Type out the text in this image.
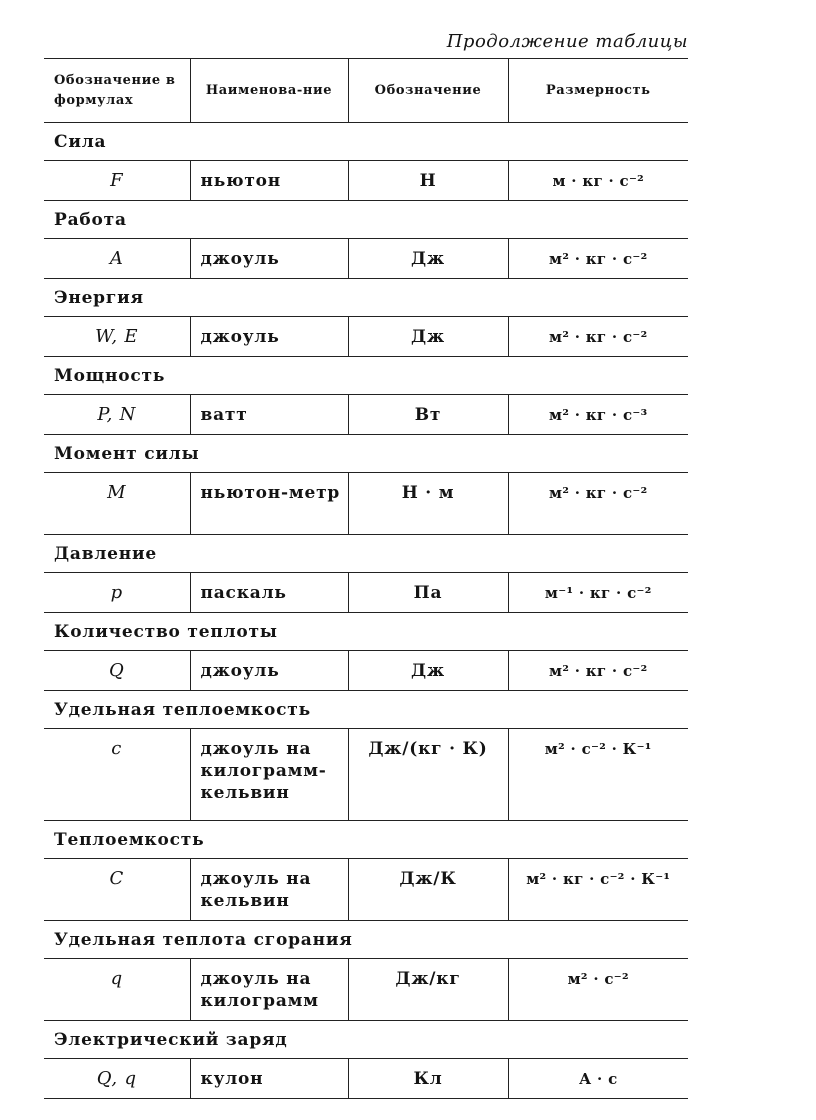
Продолжение таблицы
Обозначение в формулах	Наименова-ние	Обозначение	Размерность
Сила			
F	ньютон	Н	м · кг · с⁻²
Работа			
A	джоуль	Дж	м² · кг · с⁻²
Энергия			
W, E	джоуль	Дж	м² · кг · с⁻²
Мощность			
P, N	ватт	Вт	м² · кг · с⁻³
Момент силы			
M	ньютон-метр	Н · м	м² · кг · с⁻²
Давление			
p	паскаль	Па	м⁻¹ · кг · с⁻²
Количество теплоты			
Q	джоуль	Дж	м² · кг · с⁻²
Удельная теплоемкость			
c	джоуль на килограмм-кельвин	Дж/(кг · К)	м² · с⁻² · К⁻¹
Теплоемкость			
C	джоуль на кельвин	Дж/К	м² · кг · с⁻² · К⁻¹
Удельная теплота сгорания			
q	джоуль на килограмм	Дж/кг	м² · с⁻²
Электрический заряд			
Q, q	кулон	Кл	А · с
